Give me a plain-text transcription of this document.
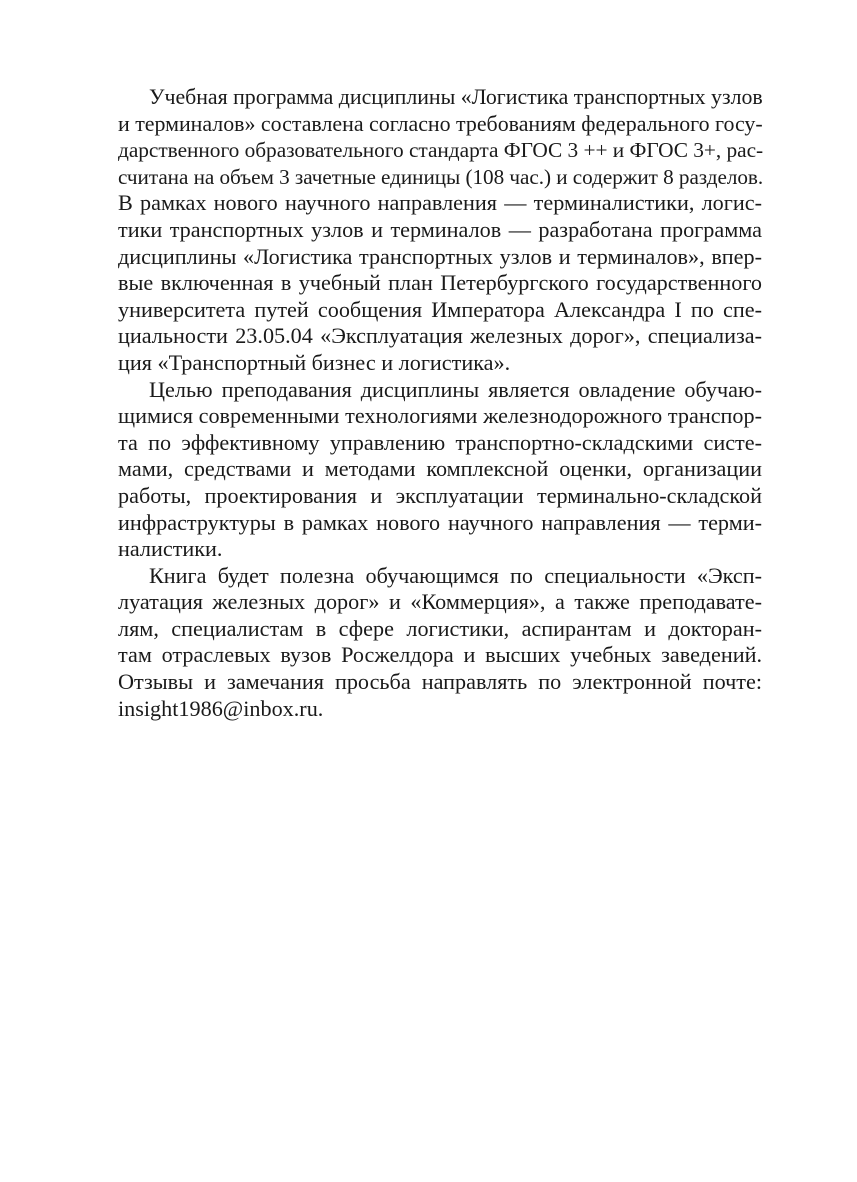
Учебная программа дисциплины «Логистика транспортных узлов
и терминалов» составлена согласно требованиям федерального госу-
дарственного образовательного стандарта ФГОС 3 ++ и ФГОС 3+, рас-
считана на объем 3 зачетные единицы (108 час.) и содержит 8 разделов.
В рамках нового научного направления — терминалистики, логис-
тики транспортных узлов и терминалов — разработана программа
дисциплины «Логистика транспортных узлов и терминалов», впер-
вые включенная в учебный план Петербургского государственного
университета путей сообщения Императора Александра I по спе-
циальности 23.05.04 «Эксплуатация железных дорог», специализа-
ция «Транспортный бизнес и логистика».
Целью преподавания дисциплины является овладение обучаю-
щимися современными технологиями железнодорожного транспор-
та по эффективному управлению транспортно-складскими систе-
мами, средствами и методами комплексной оценки, организации
работы, проектирования и эксплуатации терминально-складской
инфраструктуры в рамках нового научного направления — терми-
налистики.
Книга будет полезна обучающимся по специальности «Эксп-
луатация железных дорог» и «Коммерция», а также преподавате-
лям, специалистам в сфере логистики, аспирантам и докторан-
там отраслевых вузов Росжелдора и высших учебных заведений.
Отзывы и замечания просьба направлять по электронной почте:
insight1986@inbox.ru.
